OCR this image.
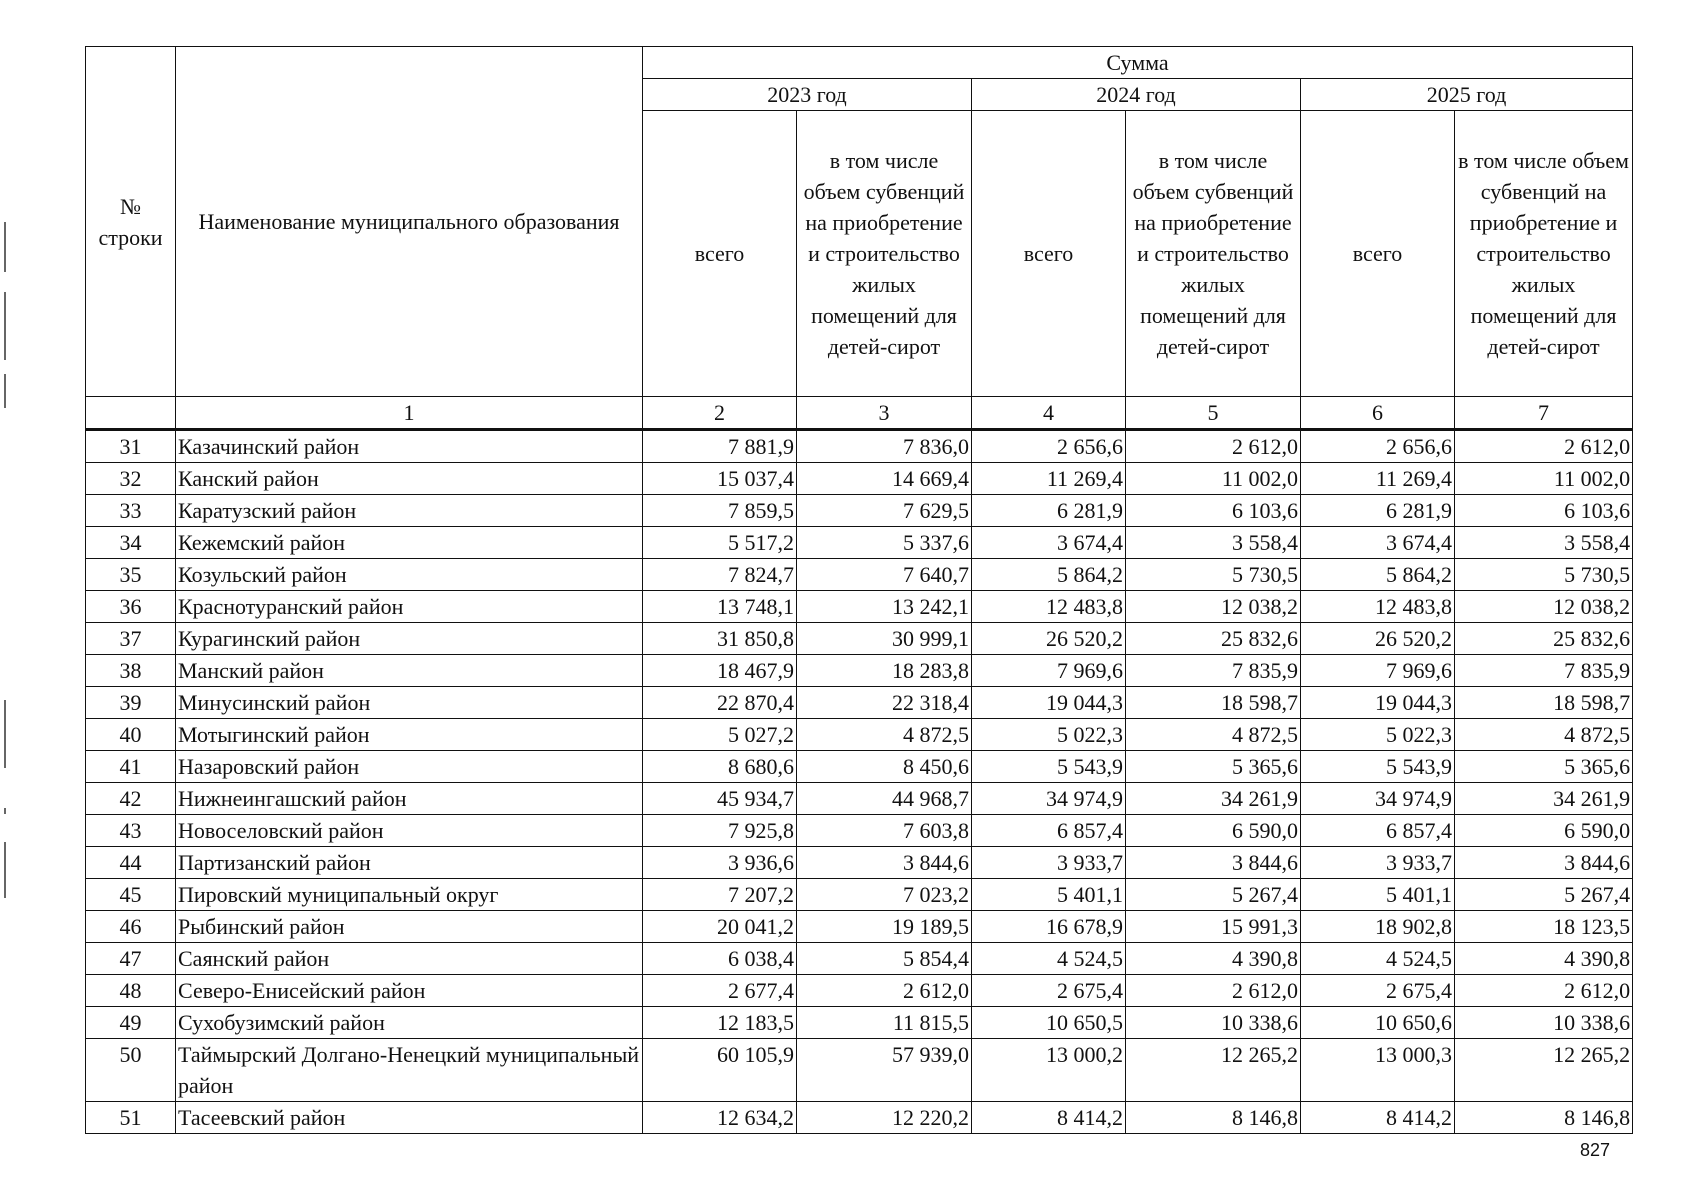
№ строки	Наименование муниципального образования	Сумма					
		2023 год		2024 год		2025 год	
		всего	в том числе объем субвенций на приобретение и строительство жилых помещений для детей-сирот	всего	в том числе объем субвенций на приобретение и строительство жилых помещений для детей-сирот	всего	в том числе объем субвенций на приобретение и строительство жилых помещений для детей-сирот
	1	2	3	4	5	6	7
31	Казачинский район	7 881,9	7 836,0	2 656,6	2 612,0	2 656,6	2 612,0
32	Канский район	15 037,4	14 669,4	11 269,4	11 002,0	11 269,4	11 002,0
33	Каратузский район	7 859,5	7 629,5	6 281,9	6 103,6	6 281,9	6 103,6
34	Кежемский район	5 517,2	5 337,6	3 674,4	3 558,4	3 674,4	3 558,4
35	Козульский район	7 824,7	7 640,7	5 864,2	5 730,5	5 864,2	5 730,5
36	Краснотуранский район	13 748,1	13 242,1	12 483,8	12 038,2	12 483,8	12 038,2
37	Курагинский район	31 850,8	30 999,1	26 520,2	25 832,6	26 520,2	25 832,6
38	Манский район	18 467,9	18 283,8	7 969,6	7 835,9	7 969,6	7 835,9
39	Минусинский район	22 870,4	22 318,4	19 044,3	18 598,7	19 044,3	18 598,7
40	Мотыгинский район	5 027,2	4 872,5	5 022,3	4 872,5	5 022,3	4 872,5
41	Назаровский район	8 680,6	8 450,6	5 543,9	5 365,6	5 543,9	5 365,6
42	Нижнеингашский район	45 934,7	44 968,7	34 974,9	34 261,9	34 974,9	34 261,9
43	Новоселовский район	7 925,8	7 603,8	6 857,4	6 590,0	6 857,4	6 590,0
44	Партизанский район	3 936,6	3 844,6	3 933,7	3 844,6	3 933,7	3 844,6
45	Пировский муниципальный округ	7 207,2	7 023,2	5 401,1	5 267,4	5 401,1	5 267,4
46	Рыбинский район	20 041,2	19 189,5	16 678,9	15 991,3	18 902,8	18 123,5
47	Саянский район	6 038,4	5 854,4	4 524,5	4 390,8	4 524,5	4 390,8
48	Северо-Енисейский район	2 677,4	2 612,0	2 675,4	2 612,0	2 675,4	2 612,0
49	Сухобузимский район	12 183,5	11 815,5	10 650,5	10 338,6	10 650,6	10 338,6
50	Таймырский Долгано-Ненецкий муниципальный район	60 105,9	57 939,0	13 000,2	12 265,2	13 000,3	12 265,2
51	Тасеевский район	12 634,2	12 220,2	8 414,2	8 146,8	8 414,2	8 146,8
827
